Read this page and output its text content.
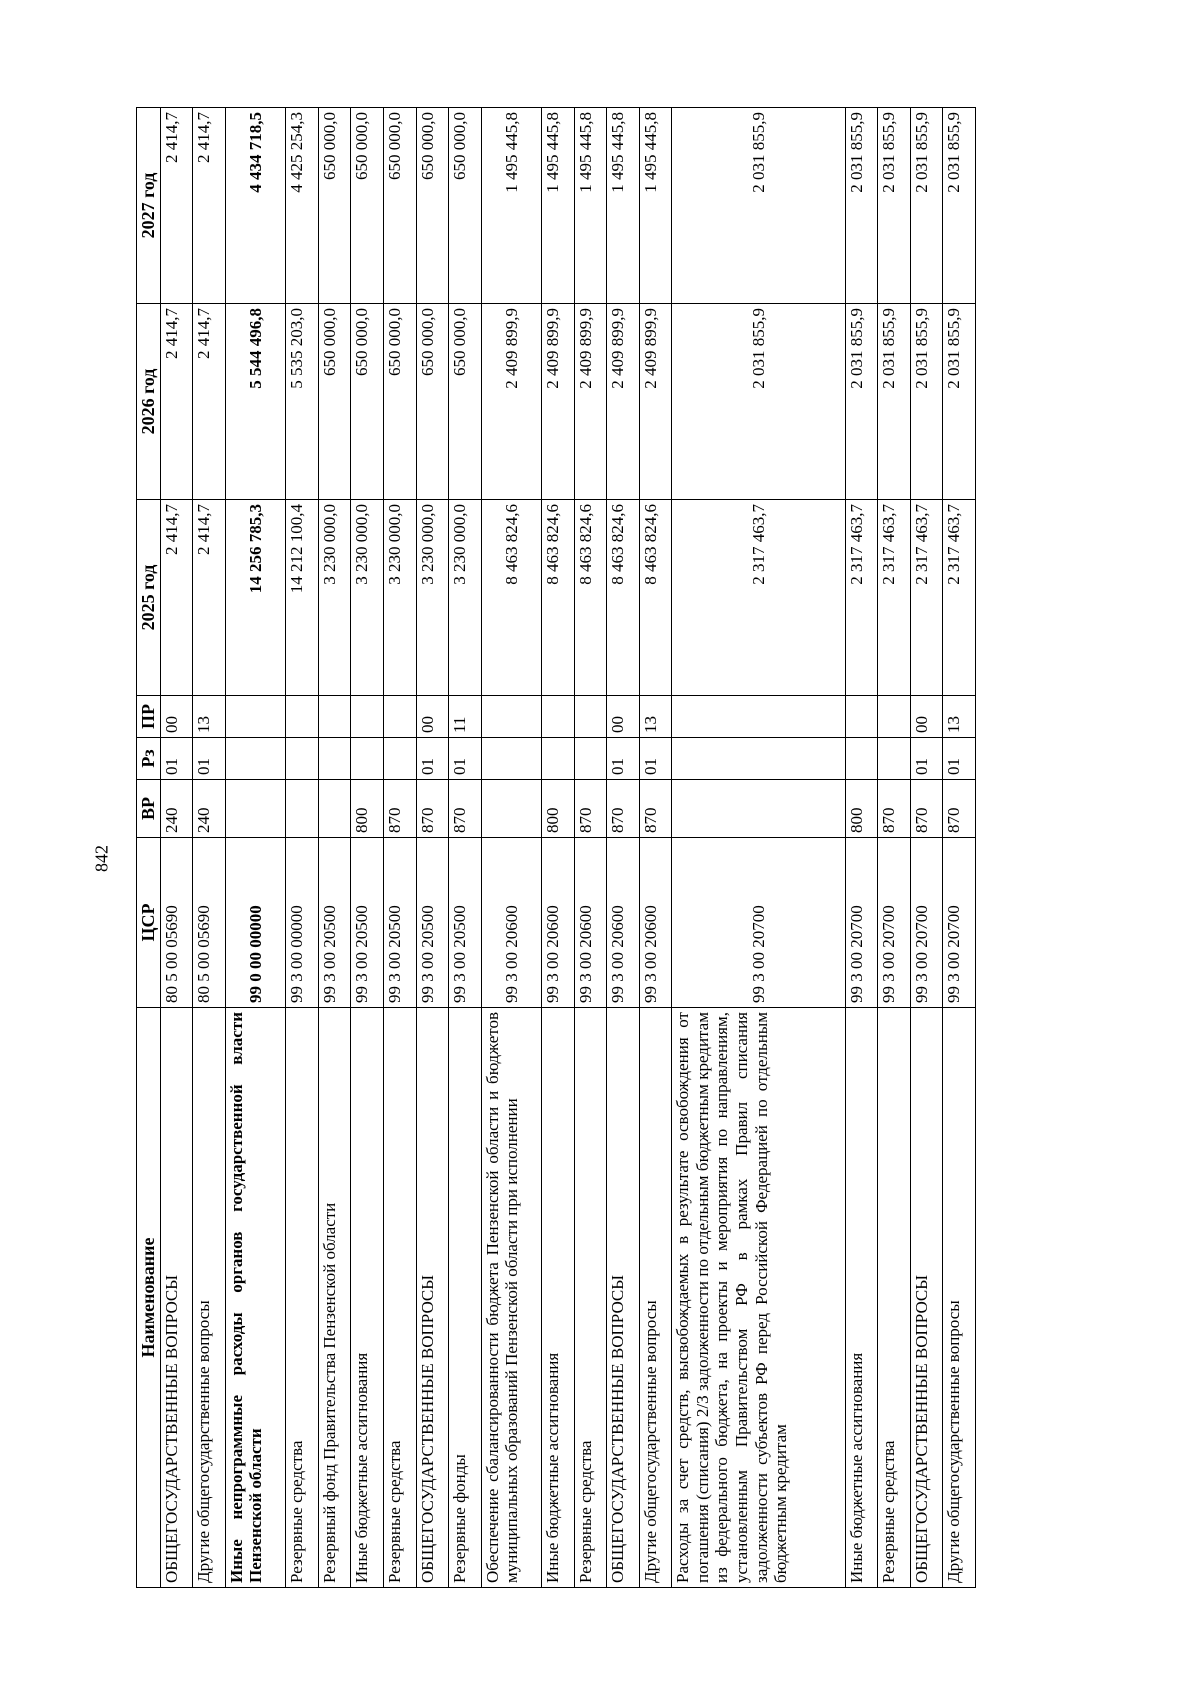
842
Наименование	ЦСР	ВР	Рз	ПР	2025 год	2026 год	2027 год
ОБЩЕГОСУДАРСТВЕННЫЕ ВОПРОСЫ	80 5 00 05690	240	01	00	2 414,7	2 414,7	2 414,7
Другие общегосударственные вопросы	80 5 00 05690	240	01	13	2 414,7	2 414,7	2 414,7
Иные непрограммные расходы органов государственной власти Пензенской области	99 0 00 00000				14 256 785,3	5 544 496,8	4 434 718,5
Резервные средства	99 3 00 00000				14 212 100,4	5 535 203,0	4 425 254,3
Резервный фонд Правительства Пензенской области	99 3 00 20500				3 230 000,0	650 000,0	650 000,0
Иные бюджетные ассигнования	99 3 00 20500	800			3 230 000,0	650 000,0	650 000,0
Резервные средства	99 3 00 20500	870			3 230 000,0	650 000,0	650 000,0
ОБЩЕГОСУДАРСТВЕННЫЕ ВОПРОСЫ	99 3 00 20500	870	01	00	3 230 000,0	650 000,0	650 000,0
Резервные фонды	99 3 00 20500	870	01	11	3 230 000,0	650 000,0	650 000,0
Обеспечение сбалансированности бюджета Пензенской области и бюджетов муниципальных образований Пензенской области при исполнении	99 3 00 20600				8 463 824,6	2 409 899,9	1 495 445,8
Иные бюджетные ассигнования	99 3 00 20600	800			8 463 824,6	2 409 899,9	1 495 445,8
Резервные средства	99 3 00 20600	870			8 463 824,6	2 409 899,9	1 495 445,8
ОБЩЕГОСУДАРСТВЕННЫЕ ВОПРОСЫ	99 3 00 20600	870	01	00	8 463 824,6	2 409 899,9	1 495 445,8
Другие общегосударственные вопросы	99 3 00 20600	870	01	13	8 463 824,6	2 409 899,9	1 495 445,8
Расходы за счет средств, высвобождаемых в результате освобождения от погашения (списания) 2/3 задолженности по отдельным бюджетным кредитам из федерального бюджета, на проекты и мероприятия по направлениям, установленным Правительством РФ в рамках Правил списания задолженности субъектов РФ перед Российской Федерацией по отдельным бюджетным кредитам	99 3 00 20700				2 317 463,7	2 031 855,9	2 031 855,9
Иные бюджетные ассигнования	99 3 00 20700	800			2 317 463,7	2 031 855,9	2 031 855,9
Резервные средства	99 3 00 20700	870			2 317 463,7	2 031 855,9	2 031 855,9
ОБЩЕГОСУДАРСТВЕННЫЕ ВОПРОСЫ	99 3 00 20700	870	01	00	2 317 463,7	2 031 855,9	2 031 855,9
Другие общегосударственные вопросы	99 3 00 20700	870	01	13	2 317 463,7	2 031 855,9	2 031 855,9
